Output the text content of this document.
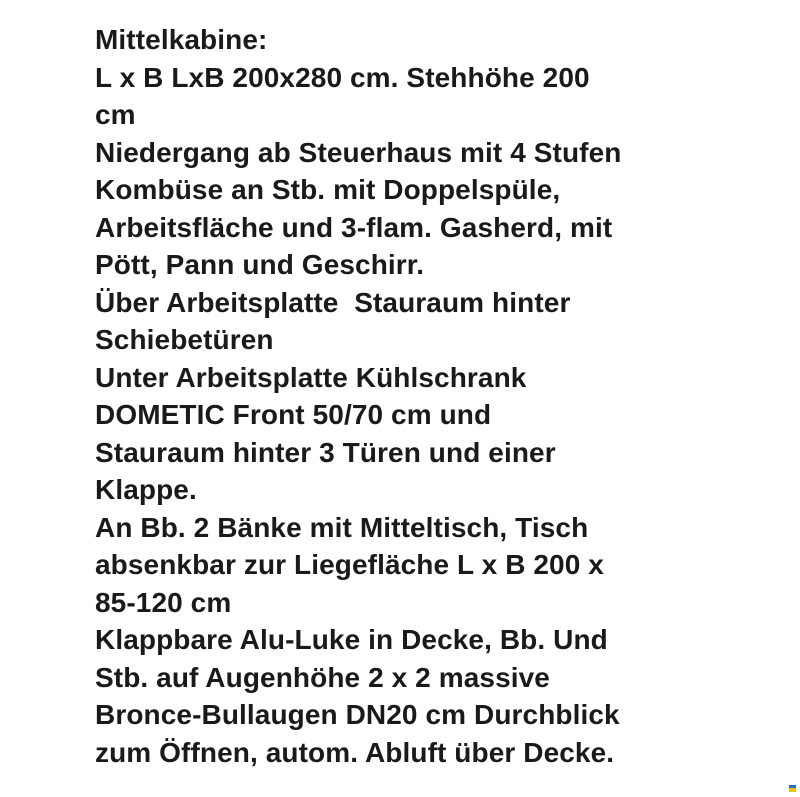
Mittelkabine:
L x B LxB 200x280 cm. Stehhöhe 200
cm
Niedergang ab Steuerhaus mit 4 Stufen
Kombüse an Stb. mit Doppelspüle,
Arbeitsfläche und 3-flam. Gasherd, mit
Pött, Pann und Geschirr.
Über Arbeitsplatte  Stauraum hinter
Schiebetüren
Unter Arbeitsplatte Kühlschrank
DOMETIC Front 50/70 cm und
Stauraum hinter 3 Türen und einer
Klappe.
An Bb. 2 Bänke mit Mitteltisch, Tisch
absenkbar zur Liegefläche L x B 200 x
85-120 cm
Klappbare Alu-Luke in Decke, Bb. Und
Stb. auf Augenhöhe 2 x 2 massive
Bronce-Bullaugen DN20 cm Durchblick
zum Öffnen, autom. Abluft über Decke.
